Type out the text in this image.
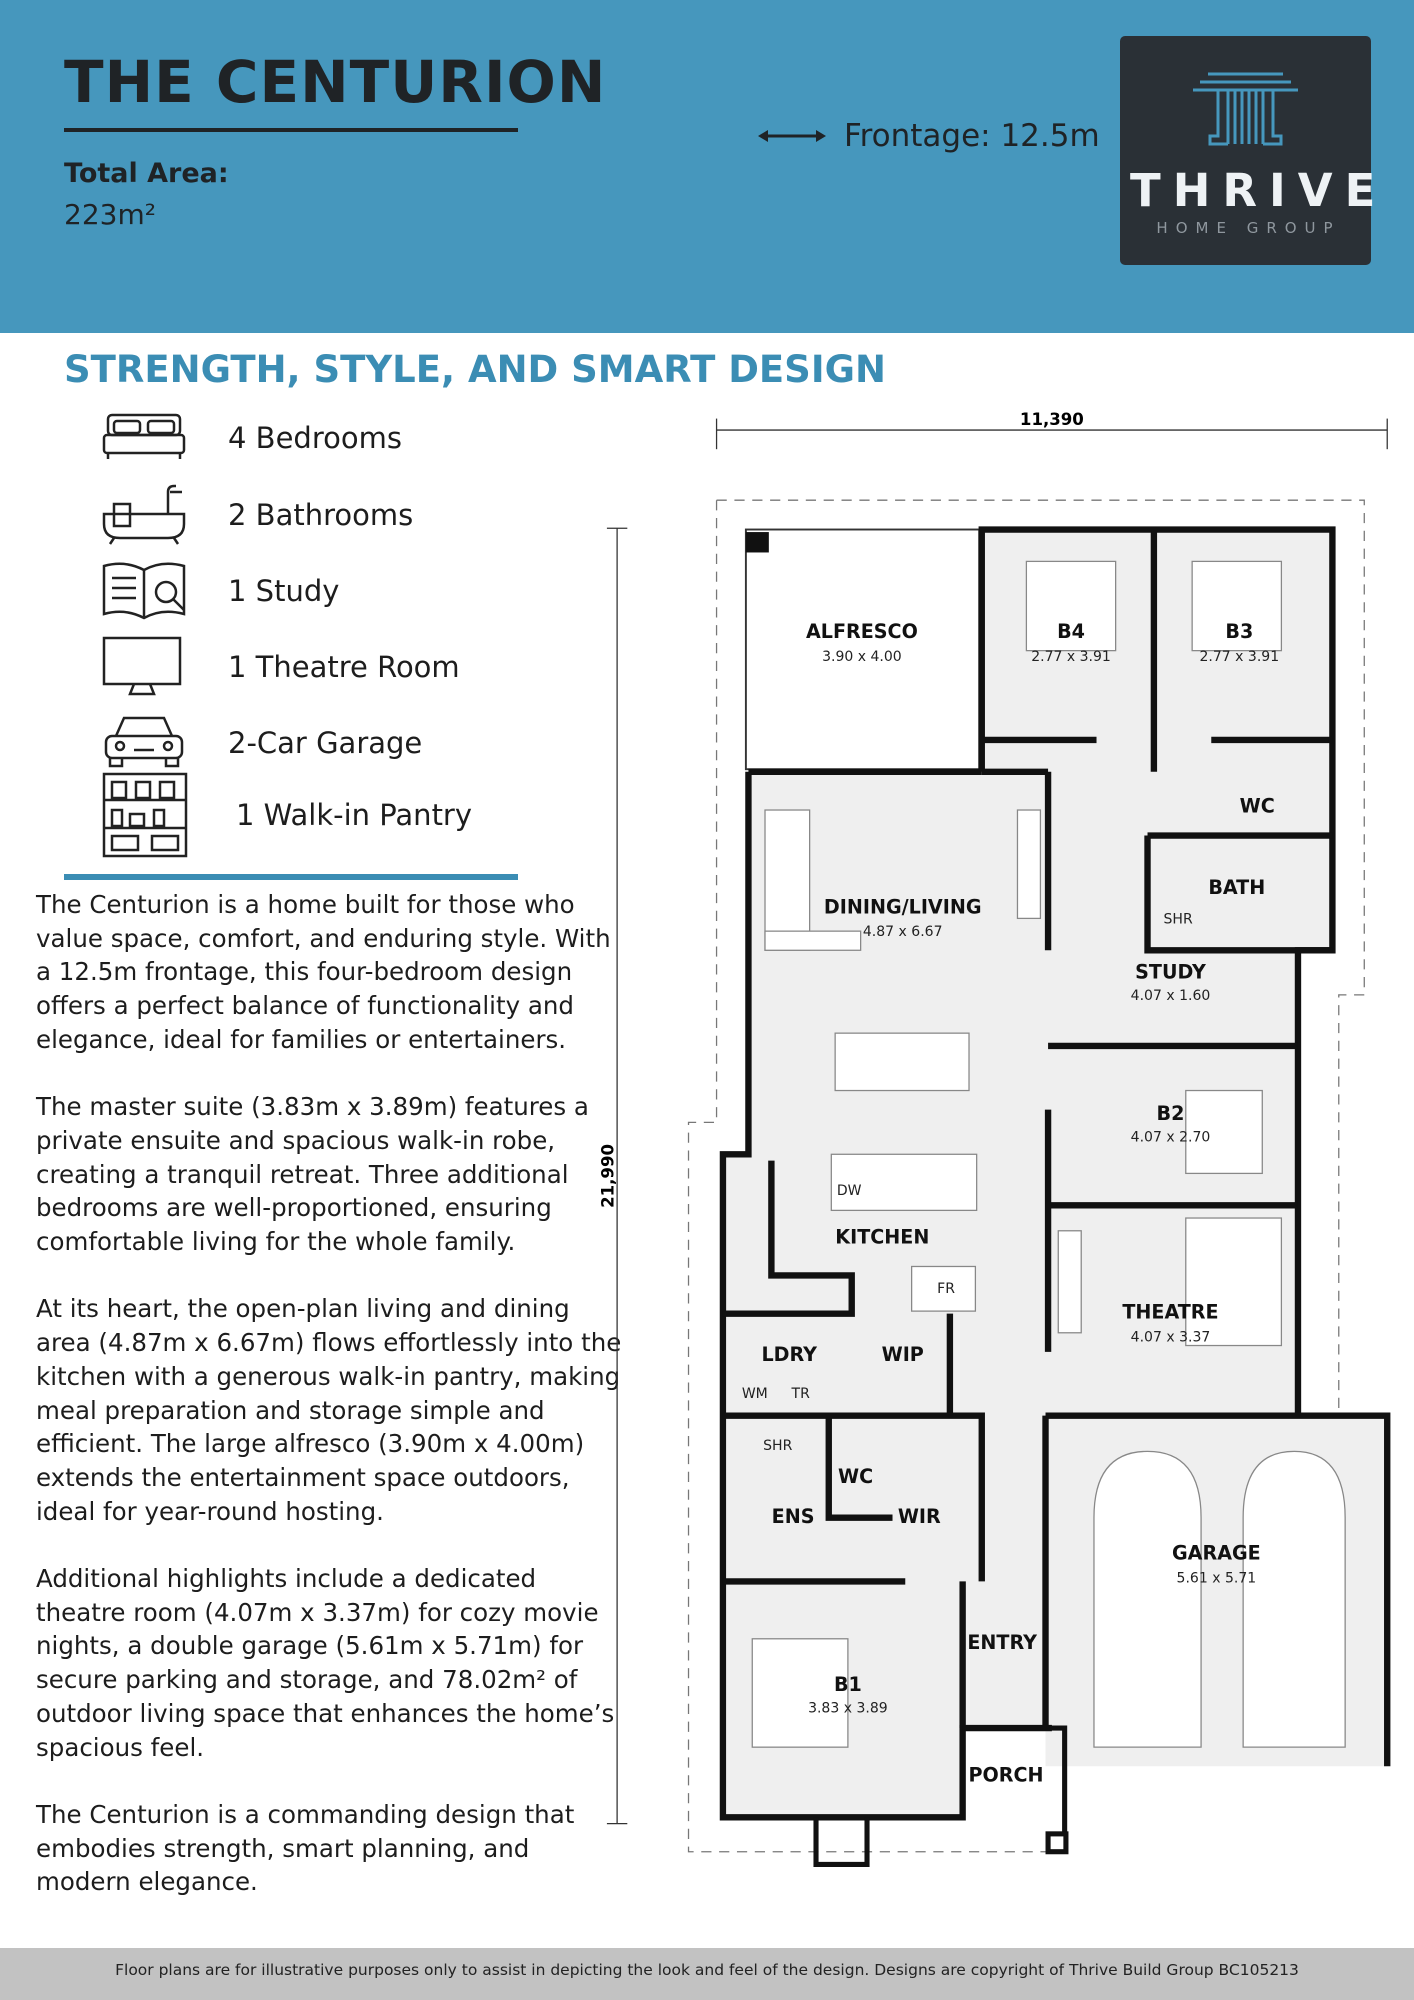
THE CENTURION
Total Area:
223m²
Frontage: 12.5m
THRIVE
HOME GROUP
STRENGTH, STYLE, AND SMART DESIGN
4 Bedrooms
2 Bathrooms
1 Study
1 Theatre Room
2-Car Garage
1 Walk-in Pantry

The Centurion is a home built for those who value space, comfort, and enduring style. With a 12.5m frontage, this four-bedroom design offers a perfect balance of functionality and elegance, ideal for families or entertainers.

The master suite (3.83m x 3.89m) features a private ensuite and spacious walk-in robe, creating a tranquil retreat. Three additional bedrooms are well-proportioned, ensuring comfortable living for the whole family.

At its heart, the open-plan living and dining area (4.87m x 6.67m) flows effortlessly into the kitchen with a generous walk-in pantry, making meal preparation and storage simple and efficient. The large alfresco (3.90m x 4.00m) extends the entertainment space outdoors, ideal for year-round hosting.

Additional highlights include a dedicated theatre room (4.07m x 3.37m) for cozy movie nights, a double garage (5.61m x 5.71m) for secure parking and storage, and 78.02m² of outdoor living space that enhances the home’s spacious feel.

The Centurion is a commanding design that embodies strength, smart planning, and modern elegance.

11,390
21,990
ALFRESCO	B4	B3
DINING/LIVING
STUDY
B2
THEATRE
GARAGE
B1
WC
BATH
KITCHEN
LDRY	WIP
WC
ENS	WIR
ENTRY
PORCH
3.90 x 4.00	2.77 x 3.91	2.77 x 3.91
4.87 x 6.67
4.07 x 1.60
4.07 x 2.70
4.07 x 3.37
5.61 x 5.71
3.83 x 3.89
SHR
DW
FR
WM TR
SHR
Floor plans are for illustrative purposes only to assist in depicting the look and feel of the design. Designs are copyright of Thrive Build Group BC105213
